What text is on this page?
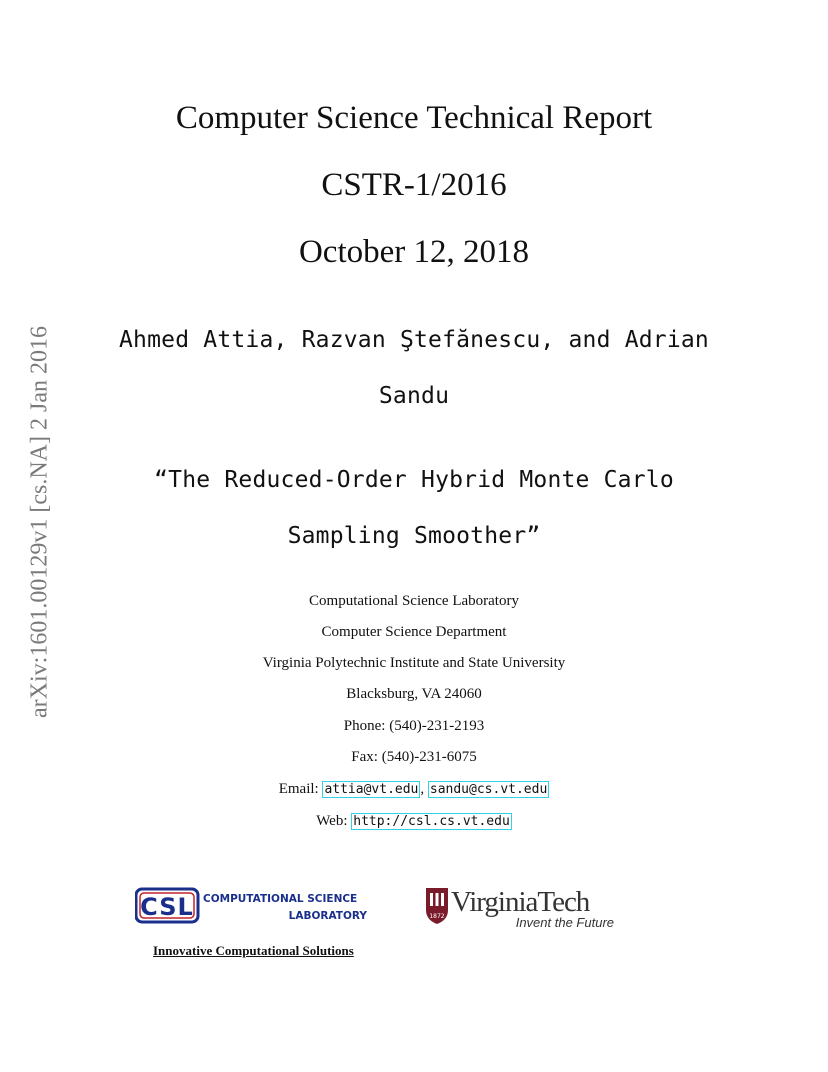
arXiv:1601.00129v1 [cs.NA] 2 Jan 2016
Computer Science Technical Report
CSTR-1/2016
October 12, 2018
Ahmed Attia, Razvan Ştefănescu, and Adrian
Sandu
“The Reduced-Order Hybrid Monte Carlo
Sampling Smoother”
Computational Science Laboratory
Computer Science Department
Virginia Polytechnic Institute and State University
Blacksburg, VA 24060
Phone: (540)-231-2193
Fax: (540)-231-6075
Email: attia@vt.edu , sandu@cs.vt.edu
Web: http://csl.cs.vt.edu
CSL COMPUTATIONAL SCIENCE
LABORATORY	1872 VirginiaTech
Invent the Future
Innovative Computational Solutions
